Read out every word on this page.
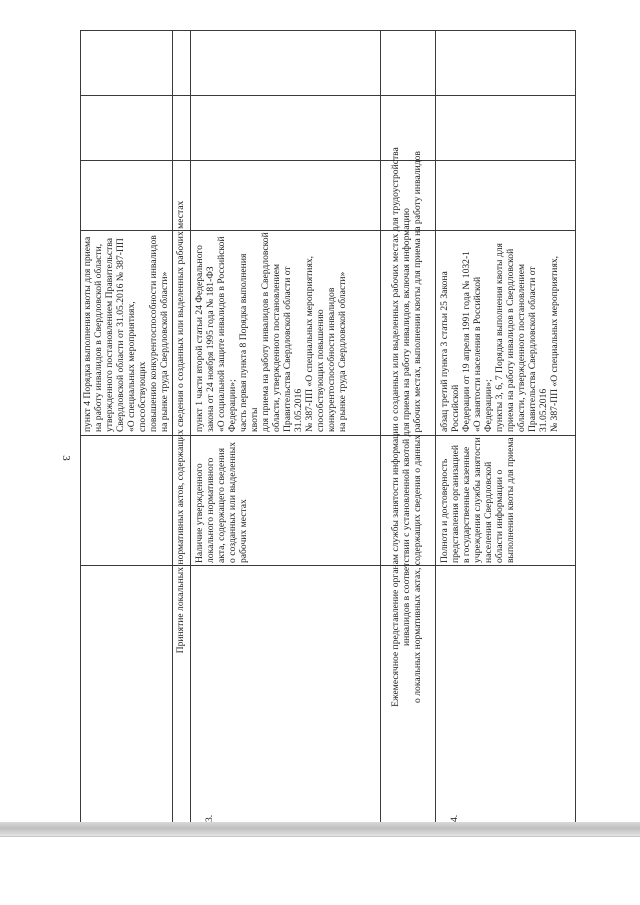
3
пункт 4 Порядка выполнения квоты для приема
на работу инвалидов в Свердловской области,
утвержденного постановлением Правительства
Свердловской области от 31.05.2016 № 387-ПП
«О специальных мероприятиях, способствующих
повышению конкурентоспособности инвалидов
на рынке труда Свердловской области» Принятие локальных нормативных актов, содержащих сведения о созданных или выделенных рабочих местах
3.
Наличие утвержденного
локального нормативного
акта, содержащего сведения
о созданных или выделенных
рабочих местах
пункт 1 части второй статьи 24 Федерального
закона от 24 ноября 1995 года № 181-ФЗ
«О социальной защите инвалидов в Российской
Федерации»;
часть первая пункта 8 Порядка выполнения квоты
для приема на работу инвалидов в Свердловской
области, утвержденного постановлением
Правительства Свердловской области от 31.05.2016
№ 387-ПП «О специальных мероприятиях,
способствующих повышению
конкурентоспособности инвалидов
на рынке труда Свердловской области»
Ежемесячное представление органам службы занятости информации о созданных или выделенных рабочих местах для трудоустройства
инвалидов в соответствии с установленной квотой для приема на работу инвалидов, включая информацию
о локальных нормативных актах, содержащих сведения о данных рабочих местах, выполнении квоты для приема на работу инвалидов
4.
Полнота и достоверность
представления организацией
в государственные казенные
учреждения службы занятости
населения Свердловской
области информации о
выполнении квоты для приема
абзац третий пункта 3 статьи 25 Закона Российской
Федерации от 19 апреля 1991 года № 1032-1
«О занятости населения в Российской Федерации»;
пункты 3, 6, 7 Порядка выполнения квоты для
приема на работу инвалидов в Свердловской
области, утвержденного постановлением
Правительства Свердловской области от 31.05.2016
№ 387-ПП «О специальных мероприятиях,
